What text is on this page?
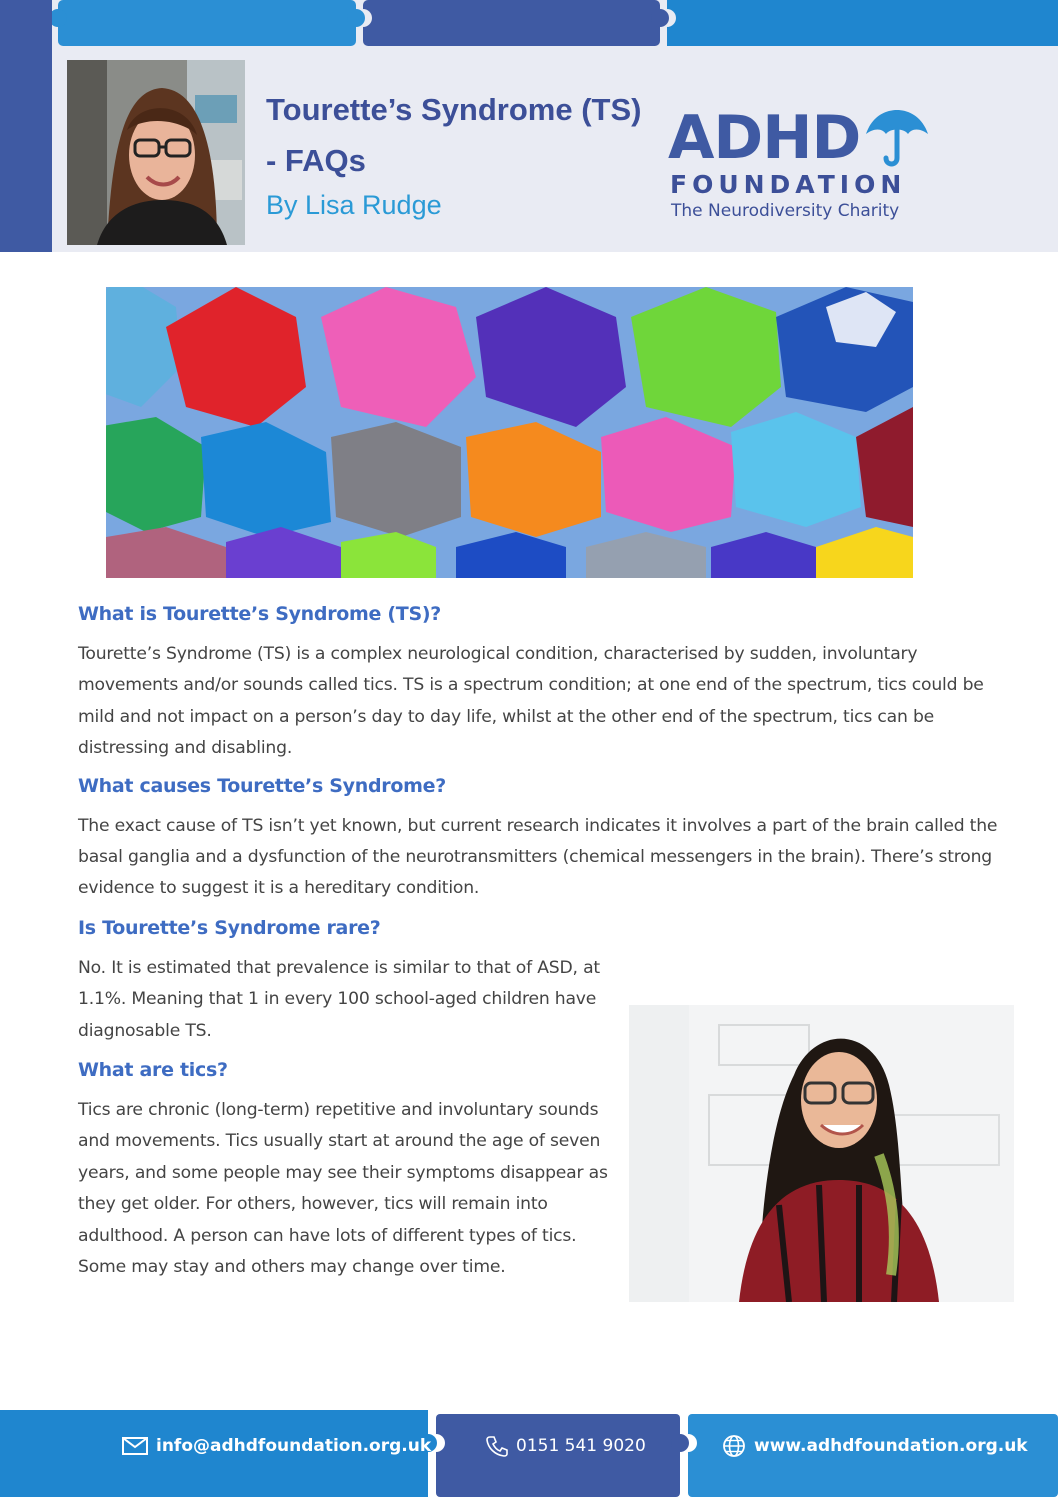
Tourette’s Syndrome (TS) - FAQs

By Lisa Rudge

ADHD
FOUNDATION
The Neurodiversity Charity
What is Tourette’s Syndrome (TS)?

Tourette’s Syndrome (TS) is a complex neurological condition, characterised by sudden, involuntary movements and/or sounds called tics. TS is a spectrum condition; at one end of the spectrum, tics could be mild and not impact on a person’s day to day life, whilst at the other end of the spectrum, tics can be distressing and disabling.

What causes Tourette’s Syndrome?

The exact cause of TS isn’t yet known, but current research indicates it involves a part of the brain called the basal ganglia and a dysfunction of the neurotransmitters (chemical messengers in the brain). There’s strong evidence to suggest it is a hereditary condition.

Is Tourette’s Syndrome rare?

No. It is estimated that prevalence is similar to that of ASD, at 1.1%. Meaning that 1 in every 100 school-aged children have diagnosable TS.

What are tics?

Tics are chronic (long-term) repetitive and involuntary sounds and movements. Tics usually start at around the age of seven years, and some people may see their symptoms disappear as they get older. For others, however, tics will remain into adulthood. A person can have lots of different types of tics. Some may stay and others may change over time.

info@adhdfoundation.org.uk	0151 541 9020	www.adhdfoundation.org.uk
